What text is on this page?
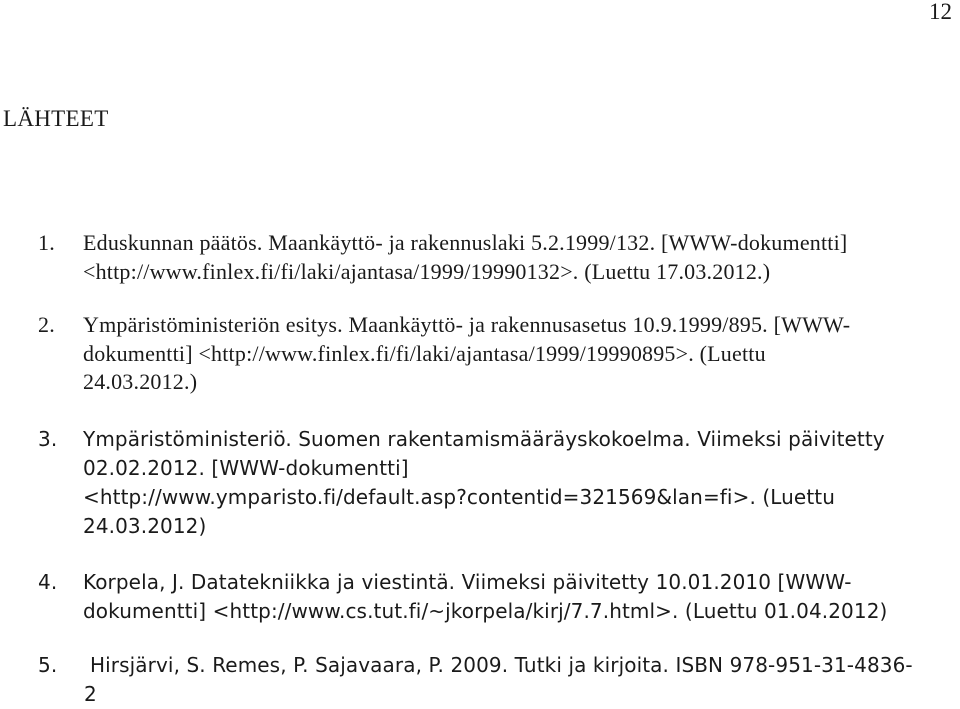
12
LÄHTEET
1. Eduskunnan päätös. Maankäyttö- ja rakennuslaki 5.2.1999/132. [WWW-dokumentti]
<http://www.finlex.fi/fi/laki/ajantasa/1999/19990132>. (Luettu 17.03.2012.)
2. Ympäristöministeriön esitys. Maankäyttö- ja rakennusasetus 10.9.1999/895. [WWW-
dokumentti] <http://www.finlex.fi/fi/laki/ajantasa/1999/19990895>. (Luettu
24.03.2012.)
3. Ympäristöministeriö. Suomen rakentamismääräyskokoelma. Viimeksi päivitetty
02.02.2012. [WWW-dokumentti]
<http://www.ymparisto.fi/default.asp?contentid=321569&lan=fi>. (Luettu
24.03.2012)
4. Korpela, J. Datatekniikka ja viestintä. Viimeksi päivitetty 10.01.2010 [WWW-
dokumentti] <http://www.cs.tut.fi/~jkorpela/kirj/7.7.html>. (Luettu 01.04.2012)
5. Hirsjärvi, S. Remes, P. Sajavaara, P. 2009. Tutki ja kirjoita. ISBN 978-951-31-4836-
2
